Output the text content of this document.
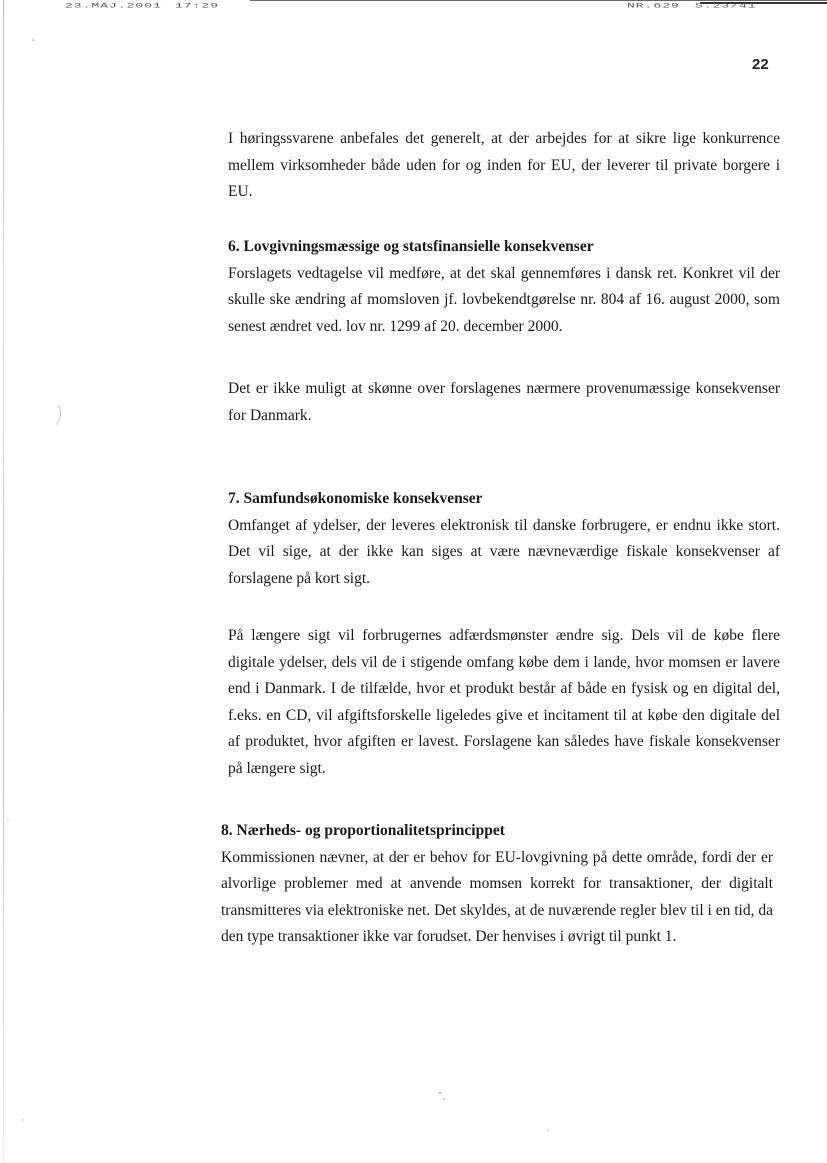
23.MAJ.2001 17:29	NR.629 S.23/41
22

I høringssvarene anbefales det generelt, at der arbejdes for at sikre lige konkurrence mellem virksomheder både uden for og inden for EU, der leverer til private borgere i EU.

6. Lovgivningsmæssige og statsfinansielle konsekvenser

Forslagets vedtagelse vil medføre, at det skal gennemføres i dansk ret. Konkret vil der skulle ske ændring af momsloven jf. lovbekendtgørelse nr. 804 af 16. august 2000, som senest ændret ved. lov nr. 1299 af 20. december 2000.

Det er ikke muligt at skønne over forslagenes nærmere provenumæssige konsekvenser for Danmark.

7. Samfundsøkonomiske konsekvenser

Omfanget af ydelser, der leveres elektronisk til danske forbrugere, er endnu ikke stort. Det vil sige, at der ikke kan siges at være nævneværdige fiskale konsekvenser af forslagene på kort sigt.

På længere sigt vil forbrugernes adfærdsmønster ændre sig. Dels vil de købe flere digitale ydelser, dels vil de i stigende omfang købe dem i lande, hvor momsen er lavere end i Danmark. I de tilfælde, hvor et produkt består af både en fysisk og en digital del, f.eks. en CD, vil afgiftsforskelle ligeledes give et incitament til at købe den digitale del af produktet, hvor afgiften er lavest. Forslagene kan således have fiskale konsekvenser på længere sigt.

8. Nærheds- og proportionalitetsprincippet

Kommissionen nævner, at der er behov for EU-lovgivning på dette område, fordi der er alvorlige problemer med at anvende momsen korrekt for transaktioner, der digitalt transmitteres via elektroniske net. Det skyldes, at de nuværende regler blev til i en tid, da den type transaktioner ikke var forudset. Der henvises i øvrigt til punkt 1.
